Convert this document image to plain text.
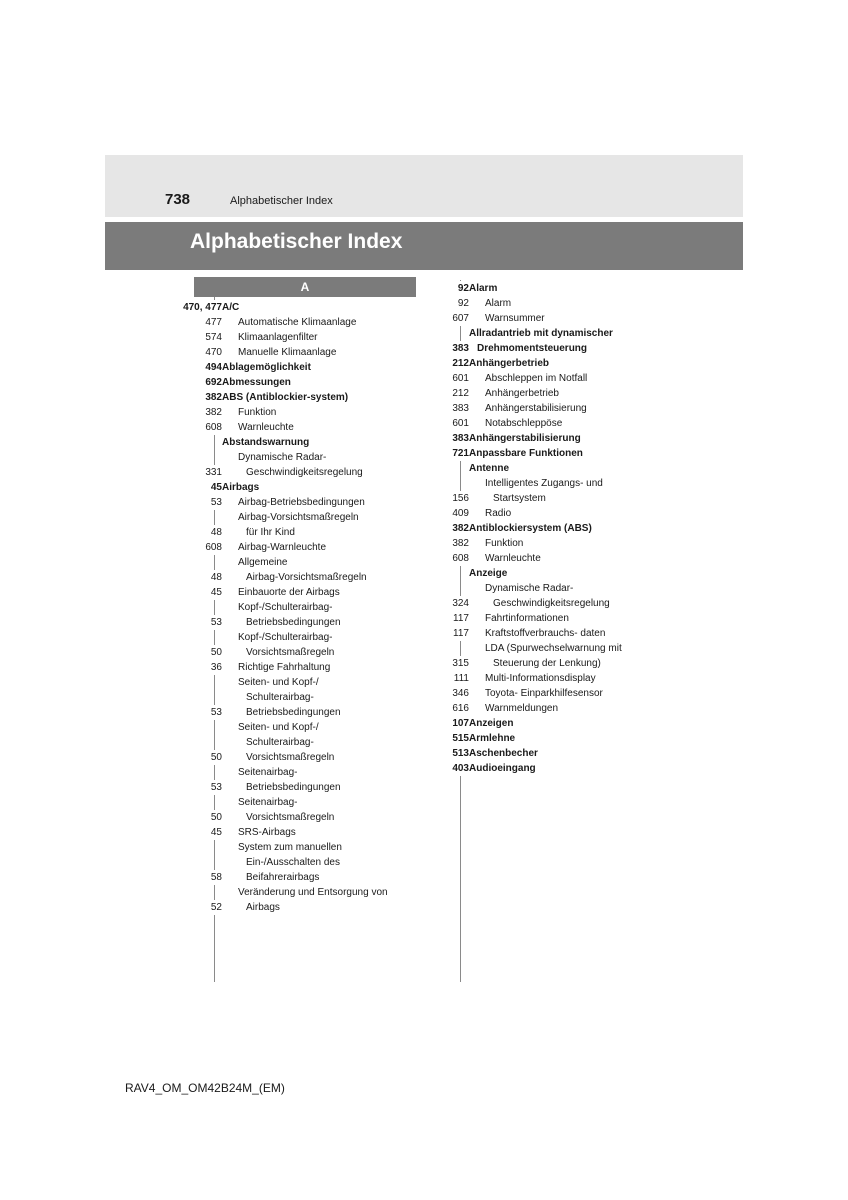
738	Alphabetischer Index
Alphabetischer Index
A
A/C
470, 477
Automatische Klimaanlage
477
Klimaanlagenfilter
574
Manuelle Klimaanlage
470
Ablagemöglichkeit
494
Abmessungen
692
ABS (Antiblockier-system)
382
Funktion
382
Warnleuchte
608
Abstandswarnung
Dynamische Radar-
Geschwindigkeitsregelung
331
Airbags
45
Airbag-Betriebsbedingungen
53
Airbag-Vorsichtsmaßregeln
für Ihr Kind
48
Airbag-Warnleuchte
608
Allgemeine
Airbag-Vorsichtsmaßregeln
48
Einbauorte der Airbags
45
Kopf-/Schulterairbag-
Betriebsbedingungen
53
Kopf-/Schulterairbag-
Vorsichtsmaßregeln
50
Richtige Fahrhaltung
36
Seiten- und Kopf-/
Schulterairbag-
Betriebsbedingungen
53
Seiten- und Kopf-/
Schulterairbag-
Vorsichtsmaßregeln
50
Seitenairbag-
Betriebsbedingungen
53
Seitenairbag-
Vorsichtsmaßregeln
50
SRS-Airbags
45
System zum manuellen
Ein-/Ausschalten des
Beifahrerairbags
58
Veränderung und Entsorgung von
Airbags
52
Alarm
92
Alarm
92
Warnsummer
607
Allradantrieb mit dynamischer
Drehmomentsteuerung
383
Anhängerbetrieb
212
Abschleppen im Notfall
601
Anhängerbetrieb
212
Anhängerstabilisierung
383
Notabschleppöse
601
Anhängerstabilisierung
383
Anpassbare Funktionen
721
Antenne
Intelligentes Zugangs- und
Startsystem
156
Radio
409
Antiblockiersystem (ABS)
382
Funktion
382
Warnleuchte
608
Anzeige
Dynamische Radar-
Geschwindigkeitsregelung
324
Fahrtinformationen
117
Kraftstoffverbrauchs- daten
117
LDA (Spurwechselwarnung mit
Steuerung der Lenkung)
315
Multi-Informationsdisplay
111
Toyota- Einparkhilfesensor
346
Warnmeldungen
616
Anzeigen
107
Armlehne
515
Aschenbecher
513
Audioeingang
403
RAV4_OM_OM42B24M_(EM)
